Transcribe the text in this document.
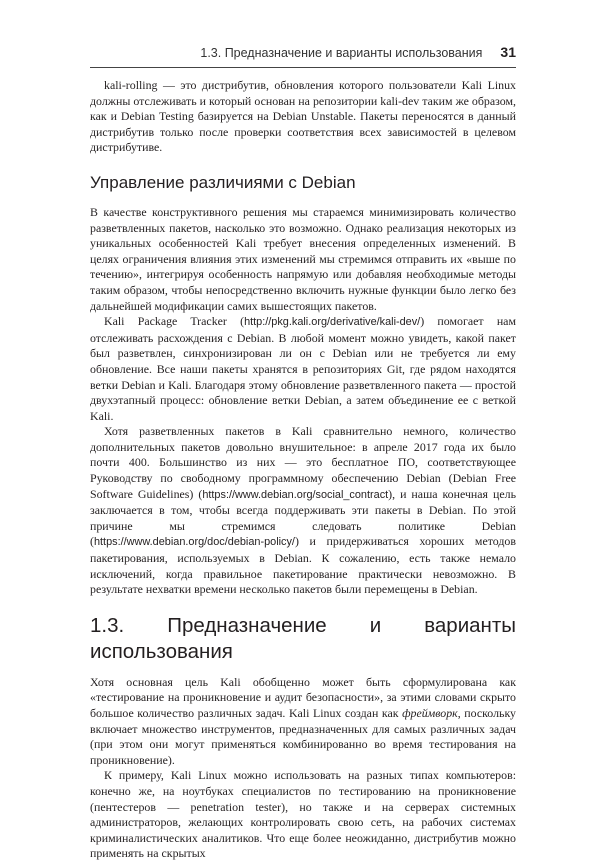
1.3. Предназначение и варианты использования 31

kali-rolling — это дистрибутив, обновления которого пользователи Kali Linux должны отслеживать и который основан на репозитории kali-dev таким же образом, как и Debian Testing базируется на Debian Unstable. Пакеты переносятся в данный дистрибутив только после проверки соответствия всех зависимостей в целевом дистрибутиве.

Управление различиями с Debian

В качестве конструктивного решения мы стараемся минимизировать количество разветвленных пакетов, насколько это возможно. Однако реализация некоторых из уникальных особенностей Kali требует внесения определенных изменений. В целях ограничения влияния этих изменений мы стремимся отправить их «выше по течению», интегрируя особенность напрямую или добавляя необходимые методы таким образом, чтобы непосредственно включить нужные функции было легко без дальнейшей модификации самих вышестоящих пакетов.

Kali Package Tracker (http://pkg.kali.org/derivative/kali-dev/) помогает нам отслеживать расхождения с Debian. В любой момент можно увидеть, какой пакет был разветвлен, синхронизирован ли он с Debian или не требуется ли ему обновление. Все наши пакеты хранятся в репозиториях Git, где рядом находятся ветки Debian и Kali. Благодаря этому обновление разветвленного пакета — простой двухэтапный процесс: обновление ветки Debian, а затем объединение ее с веткой Kali.

Хотя разветвленных пакетов в Kali сравнительно немного, количество дополнительных пакетов довольно внушительное: в апреле 2017 года их было почти 400. Большинство из них — это бесплатное ПО, соответствующее Руководству по свободному программному обеспечению Debian (Debian Free Software Guidelines) (https://www.debian.org/social_contract), и наша конечная цель заключается в том, чтобы всегда поддерживать эти пакеты в Debian. По этой причине мы стремимся следовать политике Debian (https://www.debian.org/doc/debian-policy/) и придерживаться хороших методов пакетирования, используемых в Debian. К сожалению, есть также немало исключений, когда правильное пакетирование практически невозможно. В результате нехватки времени несколько пакетов были перемещены в Debian.

1.3. Предназначение и варианты использования

Хотя основная цель Kali обобщенно может быть сформулирована как «тестирование на проникновение и аудит безопасности», за этими словами скрыто большое количество различных задач. Kali Linux создан как фреймворк, поскольку включает множество инструментов, предназначенных для самых различных задач (при этом они могут применяться комбинированно во время тестирования на проникновение).

К примеру, Kali Linux можно использовать на разных типах компьютеров: конечно же, на ноутбуках специалистов по тестированию на проникновение (пентестеров — penetration tester), но также и на серверах системных администраторов, желающих контролировать свою сеть, на рабочих системах криминалистических аналитиков. Что еще более неожиданно, дистрибутив можно применять на скрытых
